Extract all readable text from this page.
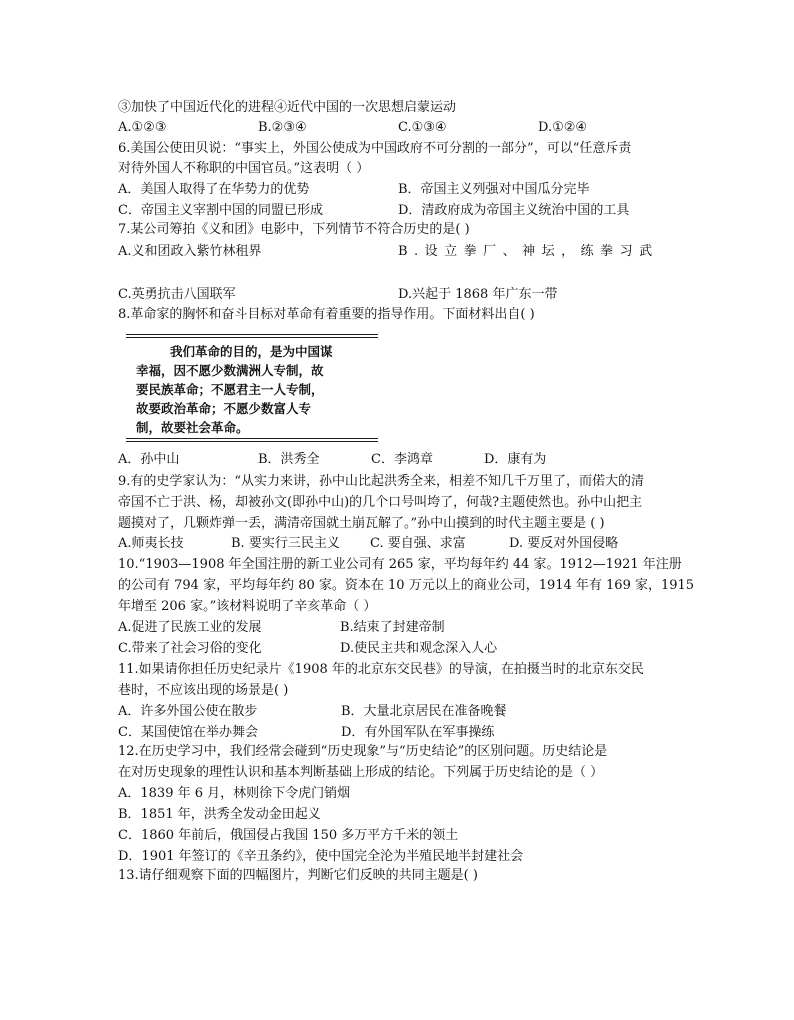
③加快了中国近代化的进程④近代中国的一次思想启蒙运动
A.①②③	B.②③④	C.①③④	D.①②④
6.美国公使田贝说：“事实上，外国公使成为中国政府不可分割的一部分”，可以“任意斥责
对待外国人不称职的中国官员。”这表明（ ）
A．美国人取得了在华势力的优势	B．帝国主义列强对中国瓜分完毕
C．帝国主义宰割中国的同盟已形成	D．清政府成为帝国主义统治中国的工具
7.某公司筹拍《义和团》电影中，下列情节不符合历史的是( )
A.义和团政入紫竹林租界	B.设立拳厂、神坛，练拳习武
C.英勇抗击八国联军	D.兴起于 1868 年广东一带
8.革命家的胸怀和奋斗目标对革命有着重要的指导作用。下面材料出自( )
我们革命的目的，是为中国谋
幸福，因不愿少数满洲人专制，故
要民族革命；不愿君主一人专制，
故要政治革命；不愿少数富人专
制，故要社会革命。
A．孙中山	B．洪秀全	C．李鸿章	D．康有为
9.有的史学家认为：“从实力来讲，孙中山比起洪秀全来，相差不知几千万里了，而偌大的清
帝国不亡于洪、杨，却被孙文(即孙中山)的几个口号叫垮了，何哉?主题使然也。孙中山把主
题摸对了，几颗炸弹一丢，满清帝国就土崩瓦解了。”孙中山摸到的时代主题主要是 ( )
A.师夷长技	B. 要实行三民主义 C. 要自强、求富	D. 要反对外国侵略
10.“1903—1908 年全国注册的新工业公司有 265 家，平均每年约 44 家。1912—1921 年注册
的公司有 794 家，平均每年约 80 家。资本在 10 万元以上的商业公司，1914 年有 169 家，1915
年增至 206 家。”该材料说明了辛亥革命（ ）
A.促进了民族工业的发展	B.结束了封建帝制
C.带来了社会习俗的变化	D.使民主共和观念深入人心
11.如果请你担任历史纪录片《1908 年的北京东交民巷》的导演，在拍摄当时的北京东交民
巷时，不应该出现的场景是( )
A．许多外国公使在散步	B．大量北京居民在准备晚餐
C．某国使馆在举办舞会	D．有外国军队在军事操练
12.在历史学习中，我们经常会碰到“历史现象”与“历史结论”的区别问题。历史结论是
在对历史现象的理性认识和基本判断基础上形成的结论。下列属于历史结论的是（ ）
A．1839 年 6 月，林则徐下令虎门销烟
B．1851 年，洪秀全发动金田起义
C．1860 年前后，俄国侵占我国 150 多万平方千米的领土
D．1901 年签订的《辛丑条约》，使中国完全沦为半殖民地半封建社会
13.请仔细观察下面的四幅图片，判断它们反映的共同主题是( )
